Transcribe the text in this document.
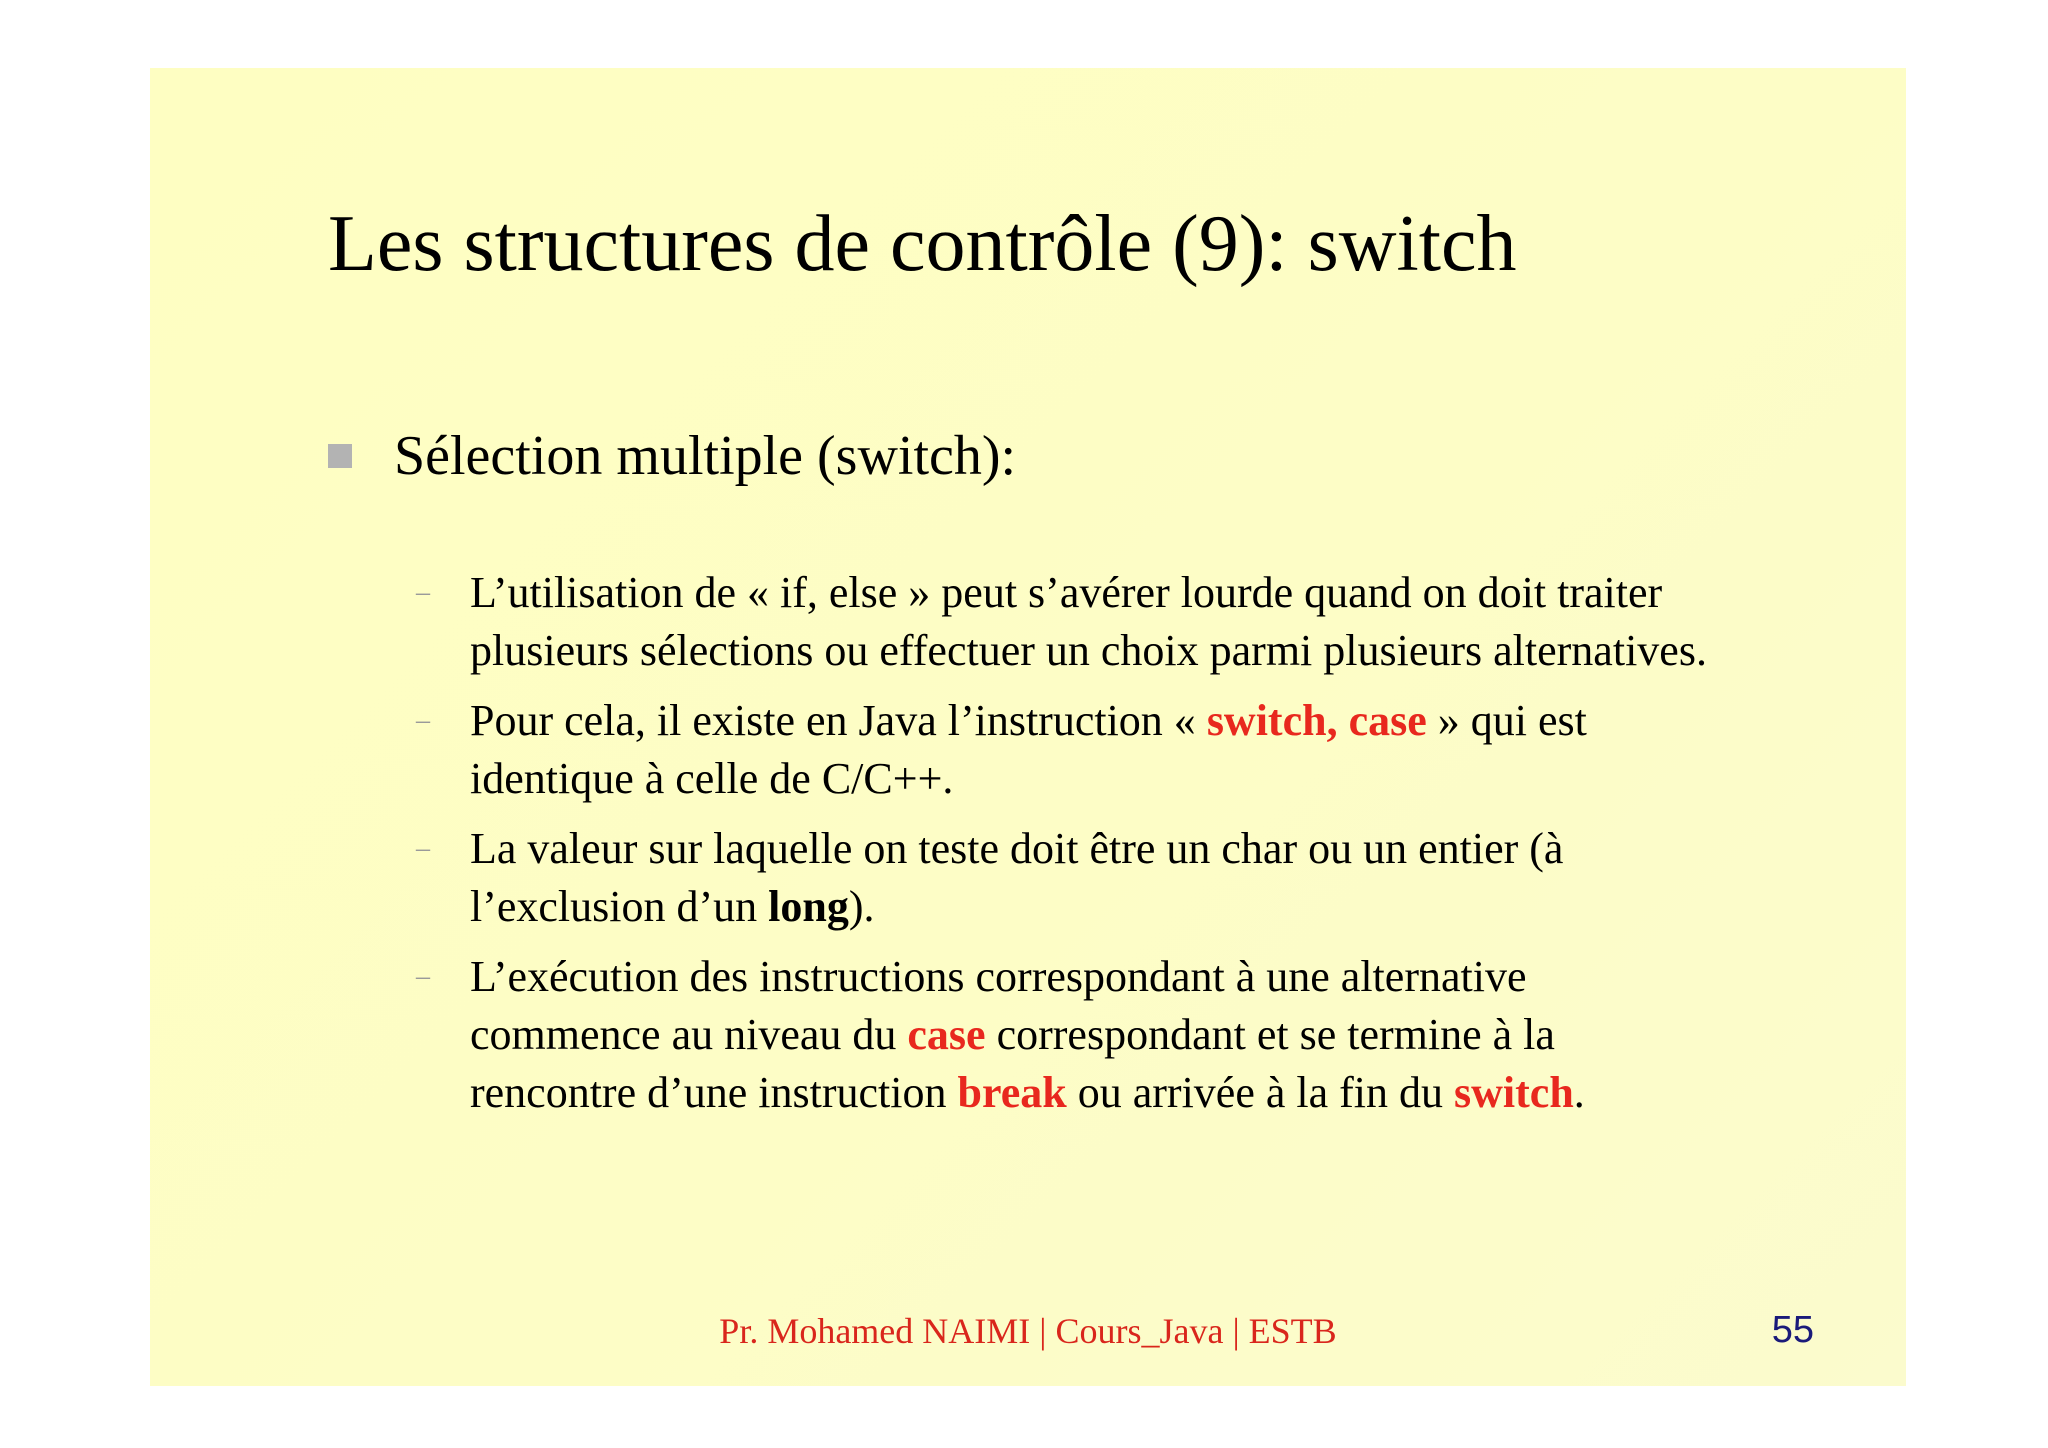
Les structures de contrôle (9): switch
Sélection multiple (switch):
– L’utilisation de « if, else » peut s’avérer lourde quand on doit traiter plusieurs sélections ou effectuer un choix parmi plusieurs alternatives.
– Pour cela, il existe en Java l’instruction « switch, case » qui est identique à celle de C/C++.
– La valeur sur laquelle on teste doit être un char ou un entier (à l’exclusion d’un long).
– L’exécution des instructions correspondant à une alternative commence au niveau du case correspondant et se termine à la rencontre d’une instruction break ou arrivée à la fin du switch.
Pr. Mohamed NAIMI | Cours_Java | ESTB	55
